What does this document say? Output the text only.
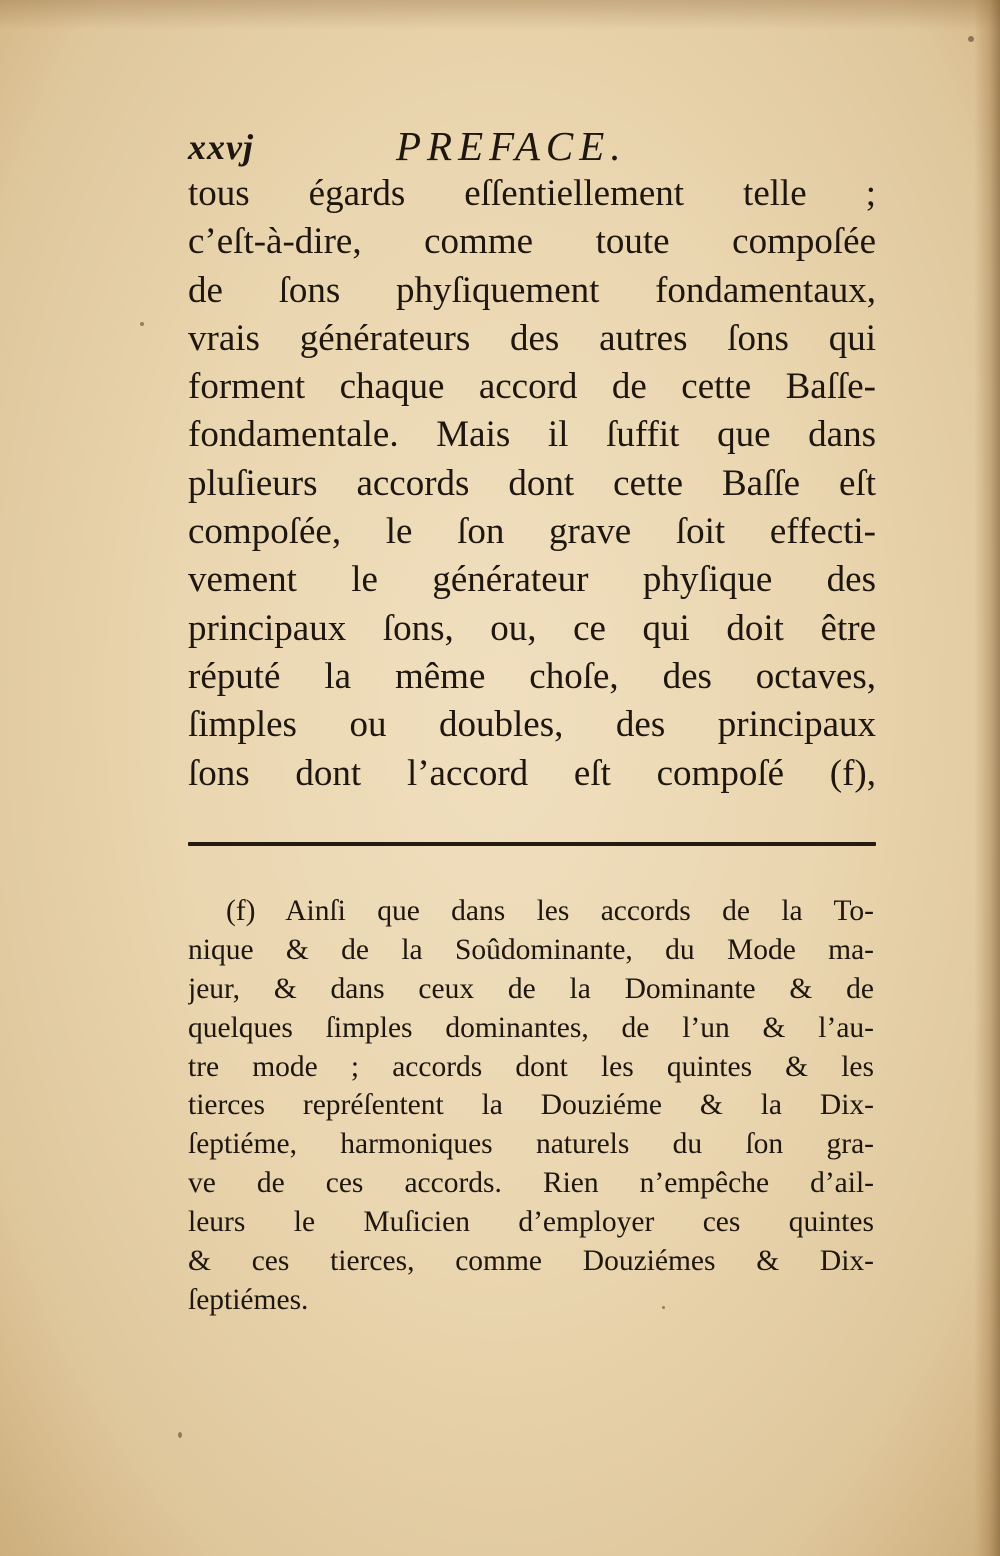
xxvj	PREFACE.
tous égards eſſentiellement telle ;
c’eſt-à-dire, comme toute compoſée
de ſons phyſiquement fondamentaux,
vrais générateurs des autres ſons qui
forment chaque accord de cette Baſſe-
fondamentale. Mais il ſuffit que dans
pluſieurs accords dont cette Baſſe eſt
compoſée, le ſon grave ſoit effecti-
vement le générateur phyſique des
principaux ſons, ou, ce qui doit être
réputé la même choſe, des octaves,
ſimples ou doubles, des principaux
ſons dont l’accord eſt compoſé (f),
(f) Ainſi que dans les accords de la To-
nique & de la Soûdominante, du Mode ma-
jeur, & dans ceux de la Dominante & de
quelques ſimples dominantes, de l’un & l’au-
tre mode ; accords dont les quintes & les
tierces repréſentent la Douziéme & la Dix-
ſeptiéme, harmoniques naturels du ſon gra-
ve de ces accords. Rien n’empêche d’ail-
leurs le Muſicien d’employer ces quintes
& ces tierces, comme Douziémes & Dix-
ſeptiémes.
